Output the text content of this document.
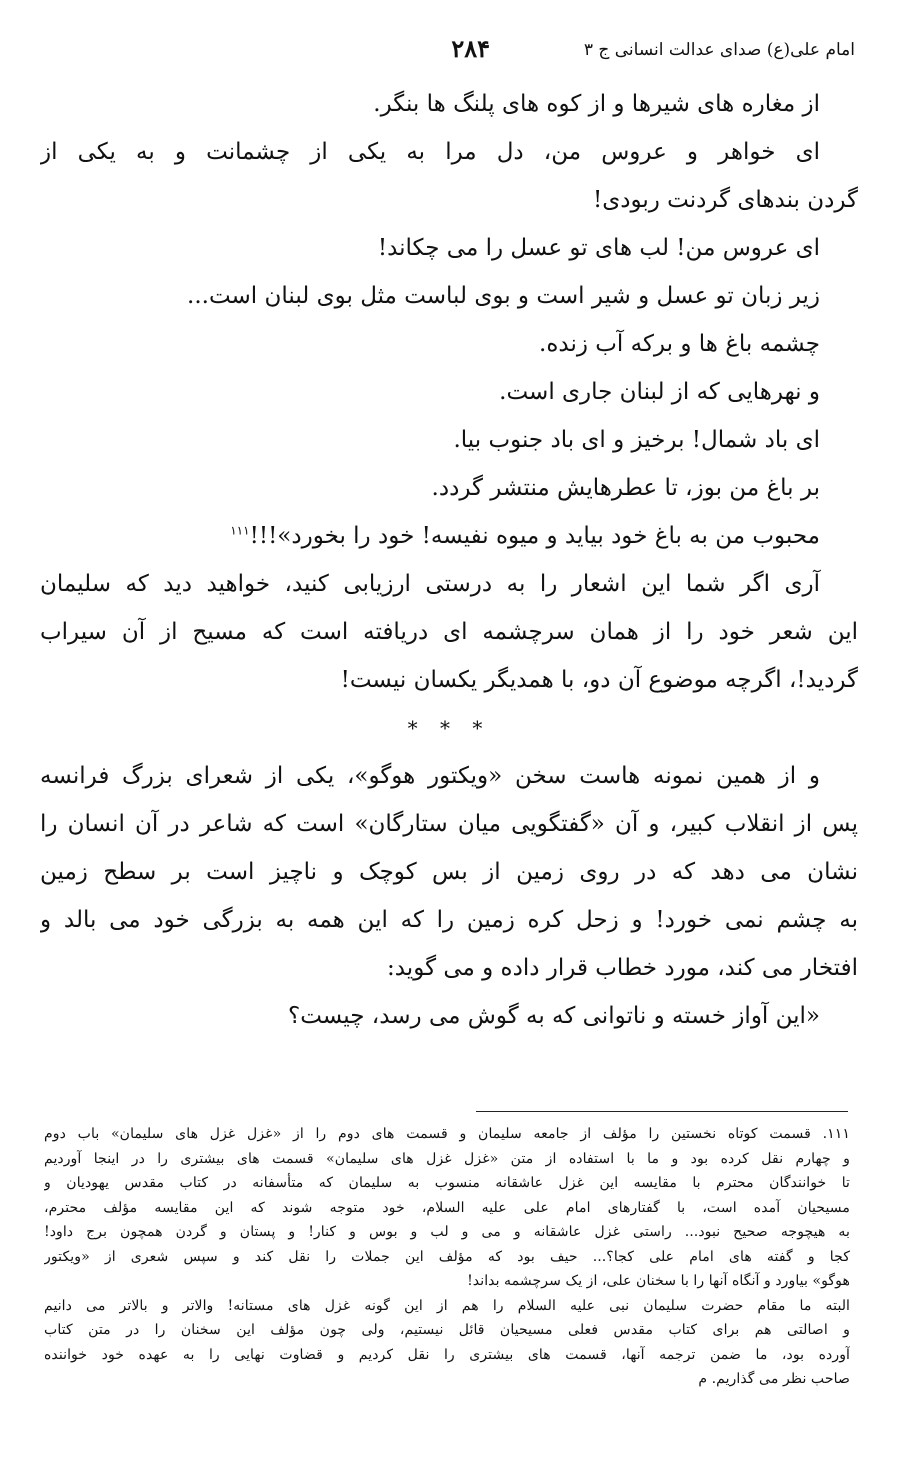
امام علی(ع) صدای عدالت انسانی ج ۳
۲۸۴
از مغاره های شیرها و از کوه های پلنگ ها بنگر.
ای خواهر و عروس من، دل مرا به یکی از چشمانت و به یکی از
گردن بندهای گردنت ربودی!
ای عروس من! لب های تو عسل را می چکاند!
زیر زبان تو عسل و شیر است و بوی لباست مثل بوی لبنان است...
چشمه باغ ها و برکه آب زنده.
و نهرهایی که از لبنان جاری است.
ای باد شمال! برخیز و ای باد جنوب بیا.
بر باغ من بوز، تا عطرهایش منتشر گردد.
محبوب من به باغ خود بیاید و میوه نفیسه! خود را بخورد»!!!$^{۱۱۱}$
آری اگر شما این اشعار را به درستی ارزیابی کنید، خواهید دید که سلیمان
این شعر خود را از همان سرچشمه ای دریافته است که مسیح از آن سیراب
گردید!، اگرچه موضوع آن دو، با همدیگر یکسان نیست!
* * *
و از همین نمونه هاست سخن «ویکتور هوگو»، یکی از شعرای بزرگ فرانسه
پس از انقلاب کبیر، و آن «گفتگویی میان ستارگان» است که شاعر در آن انسان را
نشان می دهد که در روی زمین از بس کوچک و ناچیز است بر سطح زمین
به چشم نمی خورد! و زحل کره زمین را که این همه به بزرگی خود می بالد و
افتخار می کند، مورد خطاب قرار داده و می گوید:
«این آواز خسته و ناتوانی که به گوش می رسد، چیست؟
۱۱۱. قسمت کوتاه نخستین را مؤلف از جامعه سلیمان و قسمت های دوم را از «غزل غزل های سلیمان» باب دوم
و چهارم نقل کرده بود و ما با استفاده از متن «غزل غزل های سلیمان» قسمت های بیشتری را در اینجا آوردیم
تا خوانندگان محترم با مقایسه این غزل عاشقانه منسوب به سلیمان که متأسفانه در کتاب مقدس یهودیان و
مسیحیان آمده است، با گفتارهای امام علی علیه السلام، خود متوجه شوند که این مقایسه مؤلف محترم،
به هیچوجه صحیح نبود... راستی غزل عاشقانه و می و لب و بوس و کنار! و پستان و گردن همچون برج داود!
کجا و گفته های امام علی کجا؟... حیف بود که مؤلف این جملات را نقل کند و سپس شعری از «ویکتور
هوگو» بیاورد و آنگاه آنها را با سخنان علی، از یک سرچشمه بداند!
البته ما مقام حضرت سلیمان نبی علیه السلام را هم از این گونه غزل های مستانه! والاتر و بالاتر می دانیم
و اصالتی هم برای کتاب مقدس فعلی مسیحیان قائل نیستیم، ولی چون مؤلف این سخنان را در متن کتاب
آورده بود، ما ضمن ترجمه آنها، قسمت های بیشتری را نقل کردیم و قضاوت نهایی را به عهده خود خواننده
صاحب نظر می گذاریم. م
